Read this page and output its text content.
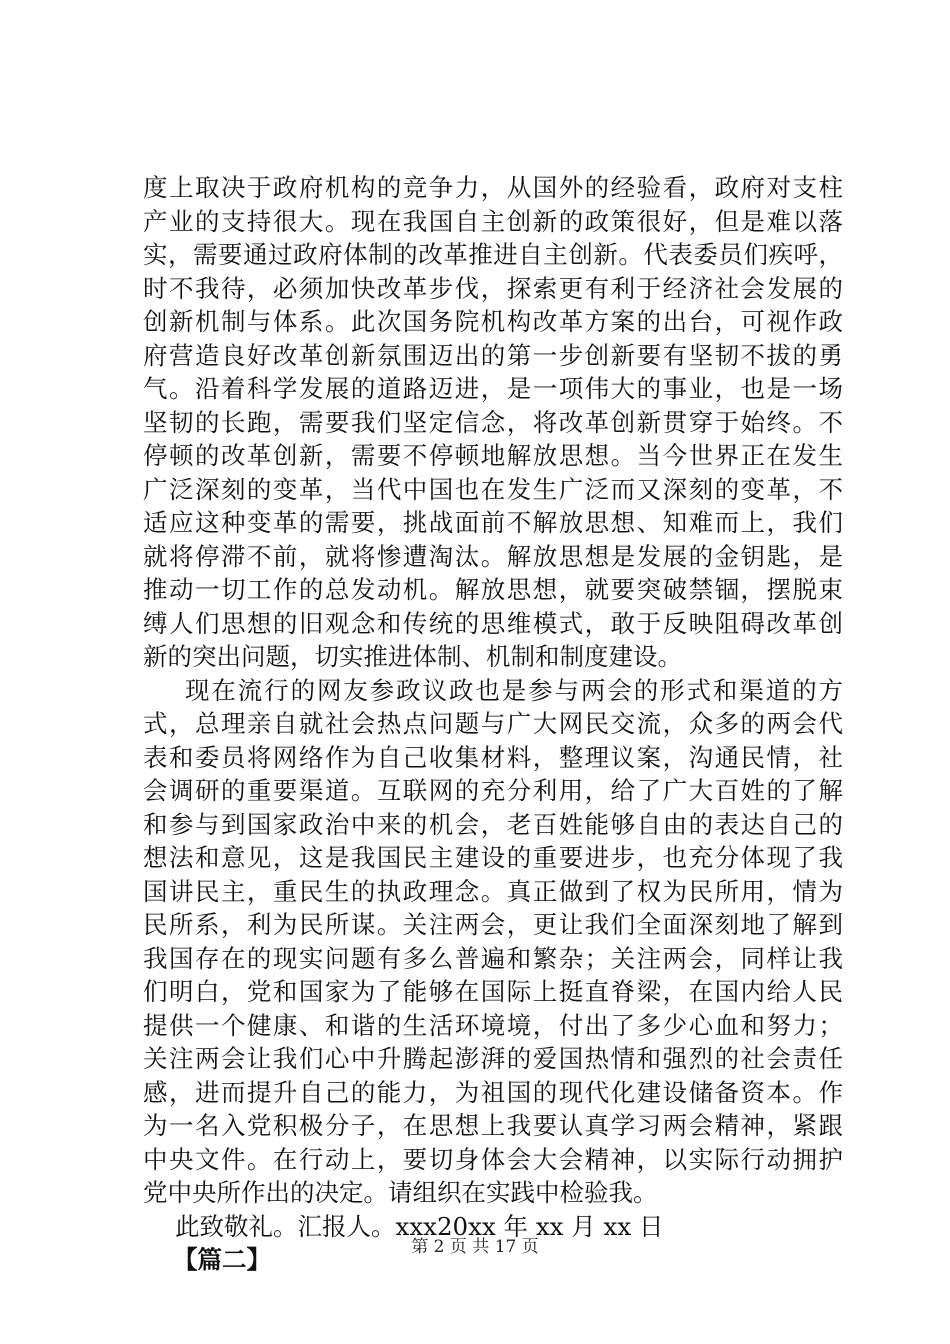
度上取决于政府机构的竞争力，从国外的经验看，政府对支柱
产业的支持很大。现在我国自主创新的政策很好，但是难以落
实，需要通过政府体制的改革推进自主创新。代表委员们疾呼，
时不我待，必须加快改革步伐，探索更有利于经济社会发展的
创新机制与体系。此次国务院机构改革方案的出台，可视作政
府营造良好改革创新氛围迈出的第一步创新要有坚韧不拔的勇
气。沿着科学发展的道路迈进，是一项伟大的事业，也是一场
坚韧的长跑，需要我们坚定信念，将改革创新贯穿于始终。不
停顿的改革创新，需要不停顿地解放思想。当今世界正在发生
广泛深刻的变革，当代中国也在发生广泛而又深刻的变革，不
适应这种变革的需要，挑战面前不解放思想、知难而上，我们
就将停滞不前，就将惨遭淘汰。解放思想是发展的金钥匙，是
推动一切工作的总发动机。解放思想，就要突破禁锢，摆脱束
缚人们思想的旧观念和传统的思维模式，敢于反映阻碍改革创
新的突出问题，切实推进体制、机制和制度建设。
现在流行的网友参政议政也是参与两会的形式和渠道的方
式，总理亲自就社会热点问题与广大网民交流，众多的两会代
表和委员将网络作为自己收集材料，整理议案，沟通民情，社
会调研的重要渠道。互联网的充分利用，给了广大百姓的了解
和参与到国家政治中来的机会，老百姓能够自由的表达自己的
想法和意见，这是我国民主建设的重要进步，也充分体现了我
国讲民主，重民生的执政理念。真正做到了权为民所用，情为
民所系，利为民所谋。关注两会，更让我们全面深刻地了解到
我国存在的现实问题有多么普遍和繁杂；关注两会，同样让我
们明白，党和国家为了能够在国际上挺直脊梁，在国内给人民
提供一个健康、和谐的生活环境境，付出了多少心血和努力；
关注两会让我们心中升腾起澎湃的爱国热情和强烈的社会责任
感，进而提升自己的能力，为祖国的现代化建设储备资本。作
为一名入党积极分子，在思想上我要认真学习两会精神，紧跟
中央文件。在行动上，要切身体会大会精神，以实际行动拥护
党中央所作出的决定。请组织在实践中检验我。
此致敬礼。汇报人。xxx20xx 年 xx 月 xx 日
【篇二】	第 2 页 共 17 页
